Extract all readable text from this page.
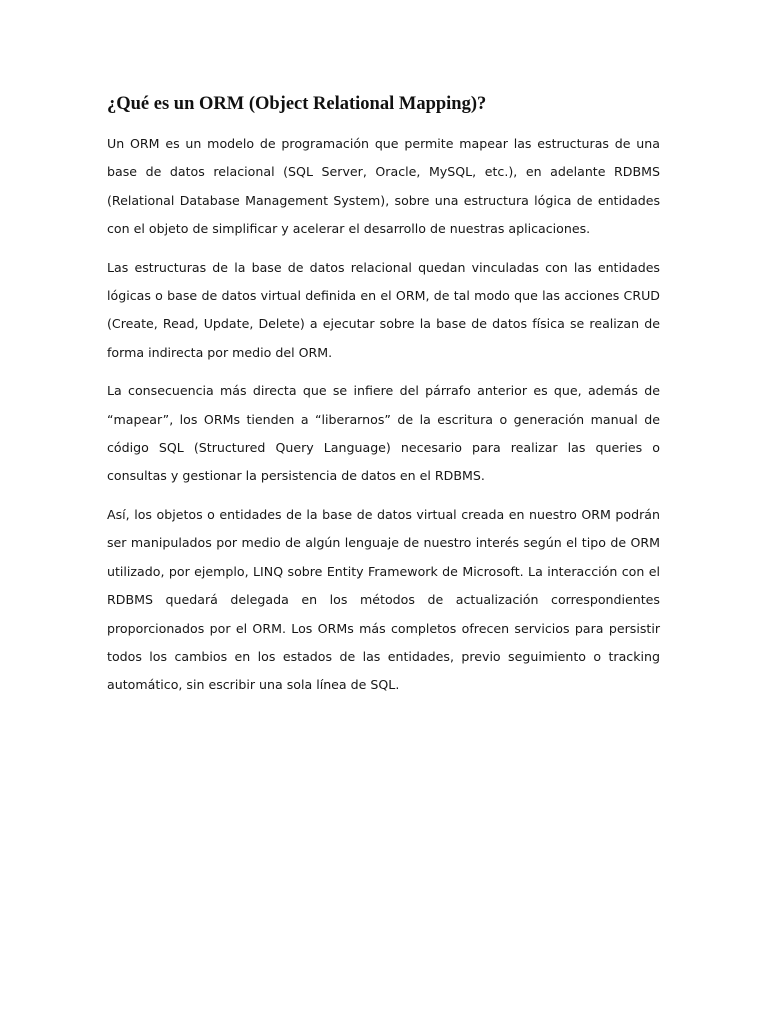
¿Qué es un ORM (Object Relational Mapping)?

Un ORM es un modelo de programación que permite mapear las estructuras de una base de datos relacional (SQL Server, Oracle, MySQL, etc.), en adelante RDBMS (Relational Database Management System), sobre una estructura lógica de entidades con el objeto de simplificar y acelerar el desarrollo de nuestras aplicaciones.

Las estructuras de la base de datos relacional quedan vinculadas con las entidades lógicas o base de datos virtual definida en el ORM, de tal modo que las acciones CRUD (Create, Read, Update, Delete) a ejecutar sobre la base de datos física se realizan de forma indirecta por medio del ORM.

La consecuencia más directa que se infiere del párrafo anterior es que, además de “mapear”, los ORMs tienden a “liberarnos” de la escritura o generación manual de código SQL (Structured Query Language) necesario para realizar las queries o consultas y gestionar la persistencia de datos en el RDBMS.

Así, los objetos o entidades de la base de datos virtual creada en nuestro ORM podrán ser manipulados por medio de algún lenguaje de nuestro interés según el tipo de ORM utilizado, por ejemplo, LINQ sobre Entity Framework de Microsoft. La interacción con el RDBMS quedará delegada en los métodos de actualización correspondientes proporcionados por el ORM. Los ORMs más completos ofrecen servicios para persistir todos los cambios en los estados de las entidades, previo seguimiento o tracking automático, sin escribir una sola línea de SQL.
